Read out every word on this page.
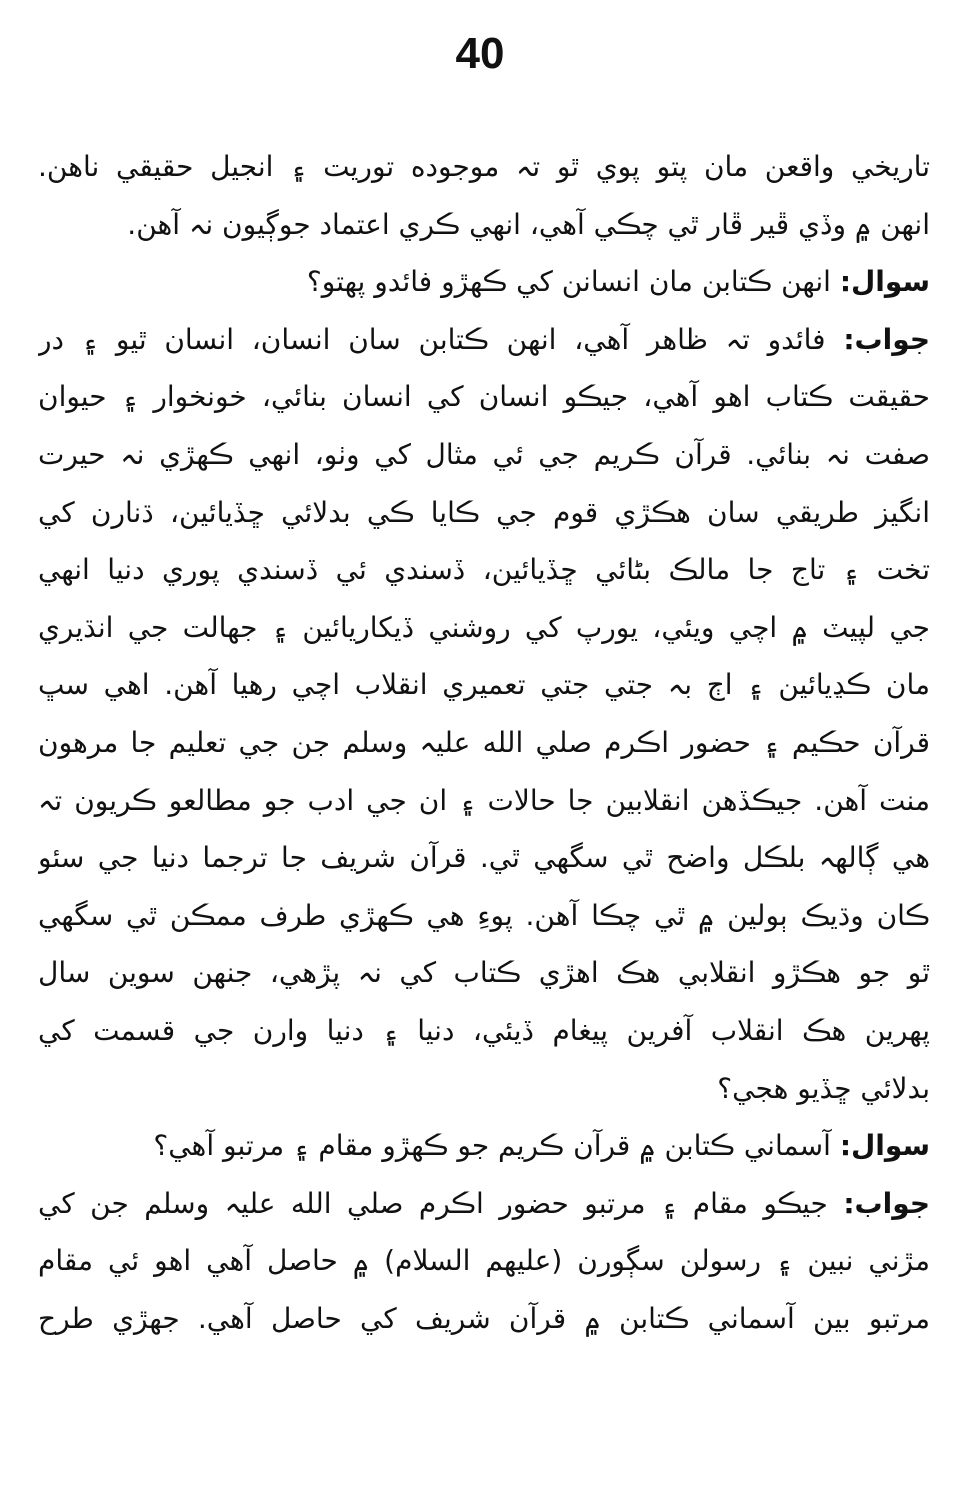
40
تاريخي واقعن مان پتو پوي ٿو تہ موجوده توريت ۽ انجيل حقيقي ناهن.
انهن ۾ وڏي ڦير ڦار ٿي چڪي آهي، انهي ڪري اعتماد جوڳيون نہ آهن.
سوال: انهن ڪتابن مان انسانن کي ڪهڙو فائدو پهتو؟
جواب: فائدو تہ ظاهر آهي، انهن ڪتابن سان انسان، انسان ٿيو ۽ در
حقيقت ڪتاب اهو آهي، جيڪو انسان کي انسان بنائي، خونخوار ۽ حيوان
صفت نہ بنائي. قرآن ڪريم جي ئي مثال کي وٺو، انهي ڪهڙي نہ حيرت
انگيز طريقي سان هڪڙي قوم جي ڪايا ڪي بدلائي ڇڏيائين، ڌنارن کي
تخت ۽ تاج جا مالڪ بڻائي ڇڏيائين، ڏسندي ئي ڏسندي پوري دنيا انهي
جي لپيٽ ۾ اچي ويئي، يورپ کي روشني ڏيکاريائين ۽ جهالت جي انڌيري
مان ڪڍيائين ۽ اڄ بہ جتي جتي تعميري انقلاب اچي رهيا آهن. اهي سڀ
قرآن حڪيم ۽ حضور اڪرم صلي الله عليہ وسلم جن جي تعليم جا مرهون
منت آهن. جيڪڏهن انقلابين جا حالات ۽ ان جي ادب جو مطالعو ڪريون تہ
هي ڳالهہ بلڪل واضح ٿي سگهي ٿي. قرآن شريف جا ترجما دنيا جي سئو
ڪان وڌيڪ ٻولين ۾ ٿي چڪا آهن. پوءِ هي ڪهڙي طرف ممڪن ٿي سگهي
ٿو جو هڪڙو انقلابي هڪ اهڙي ڪتاب کي نہ پڙهي، جنهن سوين سال
پهرين هڪ انقلاب آفرين پيغام ڏيئي، دنيا ۽ دنيا وارن جي قسمت کي
بدلائي ڇڏيو هجي؟
سوال: آسماني ڪتابن ۾ قرآن ڪريم جو ڪهڙو مقام ۽ مرتبو آهي؟
جواب: جيڪو مقام ۽ مرتبو حضور اڪرم صلي الله عليہ وسلم جن کي
مڙني نبين ۽ رسولن سڳورن (عليهم السلام) ۾ حاصل آهي اهو ئي مقام
مرتبو بين آسماني ڪتابن ۾ قرآن شريف کي حاصل آهي. جهڙي طرح
